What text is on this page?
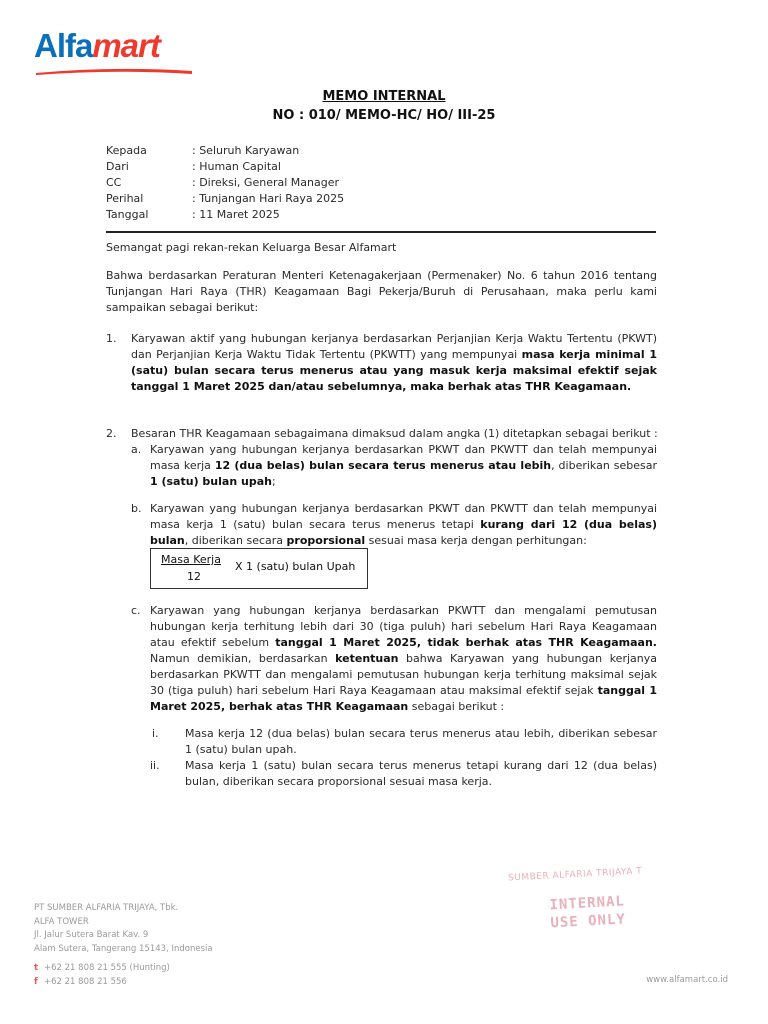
Alfamart
MEMO INTERNAL
NO : 010/ MEMO-HC/ HO/ III-25
Kepada	: Seluruh Karyawan
Dari	: Human Capital
CC	: Direksi, General Manager
Perihal	: Tunjangan Hari Raya 2025
Tanggal	: 11 Maret 2025
Semangat pagi rekan-rekan Keluarga Besar Alfamart
Bahwa berdasarkan Peraturan Menteri Ketenagakerjaan (Permenaker) No. 6 tahun 2016 tentang Tunjangan Hari Raya (THR) Keagamaan Bagi Pekerja/Buruh di Perusahaan, maka perlu kami sampaikan sebagai berikut:
1. Karyawan aktif yang hubungan kerjanya berdasarkan Perjanjian Kerja Waktu Tertentu (PKWT) dan Perjanjian Kerja Waktu Tidak Tertentu (PKWTT) yang mempunyai masa kerja minimal 1 (satu) bulan secara terus menerus atau yang masuk kerja maksimal efektif sejak tanggal 1 Maret 2025 dan/atau sebelumnya, maka berhak atas THR Keagamaan.
2. Besaran THR Keagamaan sebagaimana dimaksud dalam angka (1) ditetapkan sebagai berikut :
a. Karyawan yang hubungan kerjanya berdasarkan PKWT dan PKWTT dan telah mempunyai masa kerja 12 (dua belas) bulan secara terus menerus atau lebih, diberikan sebesar 1 (satu) bulan upah;
b. Karyawan yang hubungan kerjanya berdasarkan PKWT dan PKWTT dan telah mempunyai masa kerja 1 (satu) bulan secara terus menerus tetapi kurang dari 12 (dua belas) bulan, diberikan secara proporsional sesuai masa kerja dengan perhitungan:
Masa Kerja
12
X 1 (satu) bulan Upah
c. Karyawan yang hubungan kerjanya berdasarkan PKWTT dan mengalami pemutusan hubungan kerja terhitung lebih dari 30 (tiga puluh) hari sebelum Hari Raya Keagamaan atau efektif sebelum tanggal 1 Maret 2025, tidak berhak atas THR Keagamaan. Namun demikian, berdasarkan ketentuan bahwa Karyawan yang hubungan kerjanya berdasarkan PKWTT dan mengalami pemutusan hubungan kerja terhitung maksimal sejak 30 (tiga puluh) hari sebelum Hari Raya Keagamaan atau maksimal efektif sejak tanggal 1 Maret 2025, berhak atas THR Keagamaan sebagai berikut :
i. Masa kerja 12 (dua belas) bulan secara terus menerus atau lebih, diberikan sebesar 1 (satu) bulan upah.
ii. Masa kerja 1 (satu) bulan secara terus menerus tetapi kurang dari 12 (dua belas) bulan, diberikan secara proporsional sesuai masa kerja.
SUMBER ALFARIA TRIJAYA T
INTERNAL
USE ONLY
PT SUMBER ALFARIA TRIJAYA, Tbk.
ALFA TOWER
Jl. Jalur Sutera Barat Kav. 9
Alam Sutera, Tangerang 15143, Indonesia
t +62 21 808 21 555 (Hunting)
f +62 21 808 21 556	www.alfamart.co.id
